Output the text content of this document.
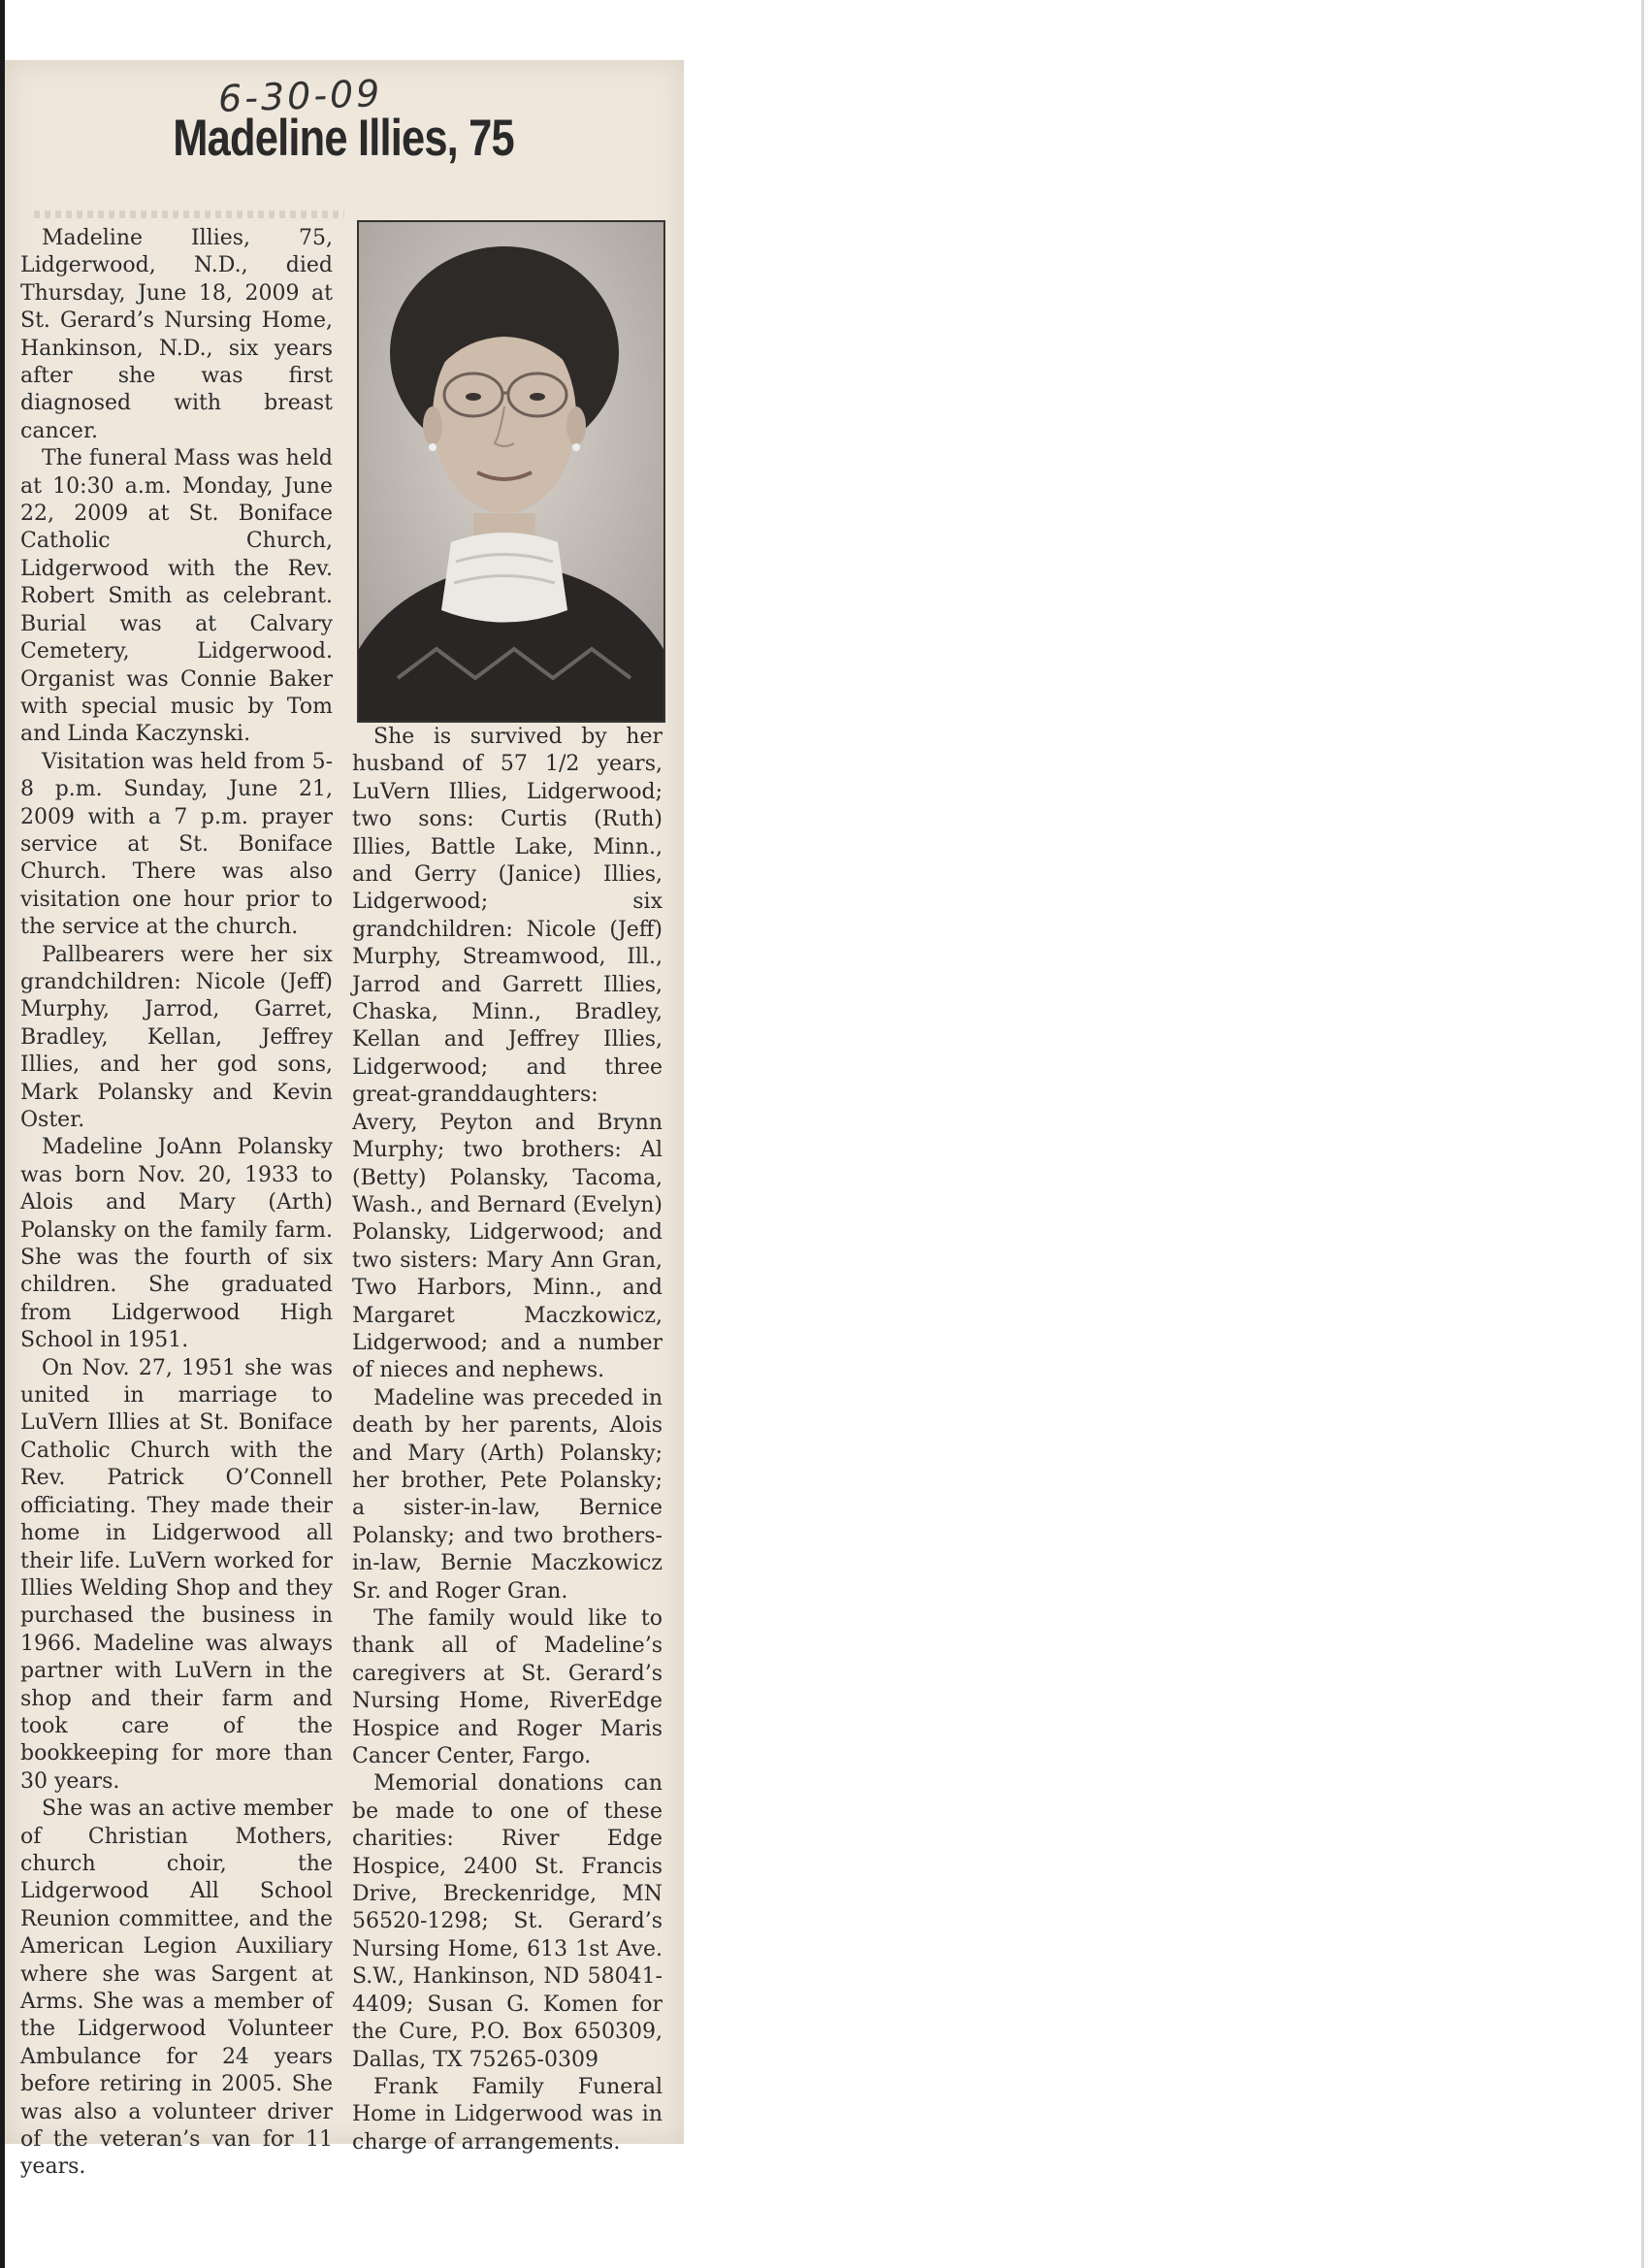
6-30-09
Madeline Illies, 75

Madeline Illies, 75, Lidgerwood, N.D., died Thursday, June 18, 2009 at St. Gerard’s Nursing Home, Hankinson, N.D., six years after she was first diagnosed with breast cancer.

The funeral Mass was held at 10:30 a.m. Monday, June 22, 2009 at St. Boniface Catholic Church, Lidgerwood with the Rev. Robert Smith as celebrant. Burial was at Calvary Cemetery, Lidgerwood. Organist was Connie Baker with special music by Tom and Linda Kaczynski.

Visitation was held from 5-8 p.m. Sunday, June 21, 2009 with a 7 p.m. prayer service at St. Boniface Church. There was also visitation one hour prior to the service at the church.

Pallbearers were her six grandchildren: Nicole (Jeff) Murphy, Jarrod, Garret, Bradley, Kellan, Jeffrey Illies, and her god sons, Mark Polansky and Kevin Oster.

Madeline JoAnn Polansky was born Nov. 20, 1933 to Alois and Mary (Arth) Polansky on the family farm. She was the fourth of six children. She graduated from Lidgerwood High School in 1951.

On Nov. 27, 1951 she was united in marriage to LuVern Illies at St. Boniface Catholic Church with the Rev. Patrick O’Connell officiating. They made their home in Lidgerwood all their life. LuVern worked for Illies Welding Shop and they purchased the business in 1966. Madeline was always partner with LuVern in the shop and their farm and took care of the bookkeeping for more than 30 years.

She was an active member of Christian Mothers, church choir, the Lidgerwood All School Reunion committee, and the American Legion Auxiliary where she was Sargent at Arms. She was a member of the Lidgerwood Volunteer Ambulance for 24 years before retiring in 2005. She was also a volunteer driver of the veteran’s van for 11 years.

She is survived by her husband of 57 1/2 years, LuVern Illies, Lidgerwood; two sons: Curtis (Ruth) Illies, Battle Lake, Minn., and Gerry (Janice) Illies, Lidgerwood; six grandchildren: Nicole (Jeff) Murphy, Streamwood, Ill., Jarrod and Garrett Illies, Chaska, Minn., Bradley, Kellan and Jeffrey Illies, Lidgerwood; and three great-granddaughters: Avery, Peyton and Brynn Murphy; two brothers: Al (Betty) Polansky, Tacoma, Wash., and Bernard (Evelyn) Polansky, Lidgerwood; and two sisters: Mary Ann Gran, Two Harbors, Minn., and Margaret Maczkowicz, Lidgerwood; and a number of nieces and nephews.

Madeline was preceded in death by her parents, Alois and Mary (Arth) Polansky; her brother, Pete Polansky; a sister-in-law, Bernice Polansky; and two brothers-in-law, Bernie Maczkowicz Sr. and Roger Gran.

The family would like to thank all of Madeline’s caregivers at St. Gerard’s Nursing Home, RiverEdge Hospice and Roger Maris Cancer Center, Fargo.

Memorial donations can be made to one of these charities: River Edge Hospice, 2400 St. Francis Drive, Breckenridge, MN 56520-1298; St. Gerard’s Nursing Home, 613 1st Ave. S.W., Hankinson, ND 58041-4409; Susan G. Komen for the Cure, P.O. Box 650309, Dallas, TX 75265-0309

Frank Family Funeral Home in Lidgerwood was in charge of arrangements.
